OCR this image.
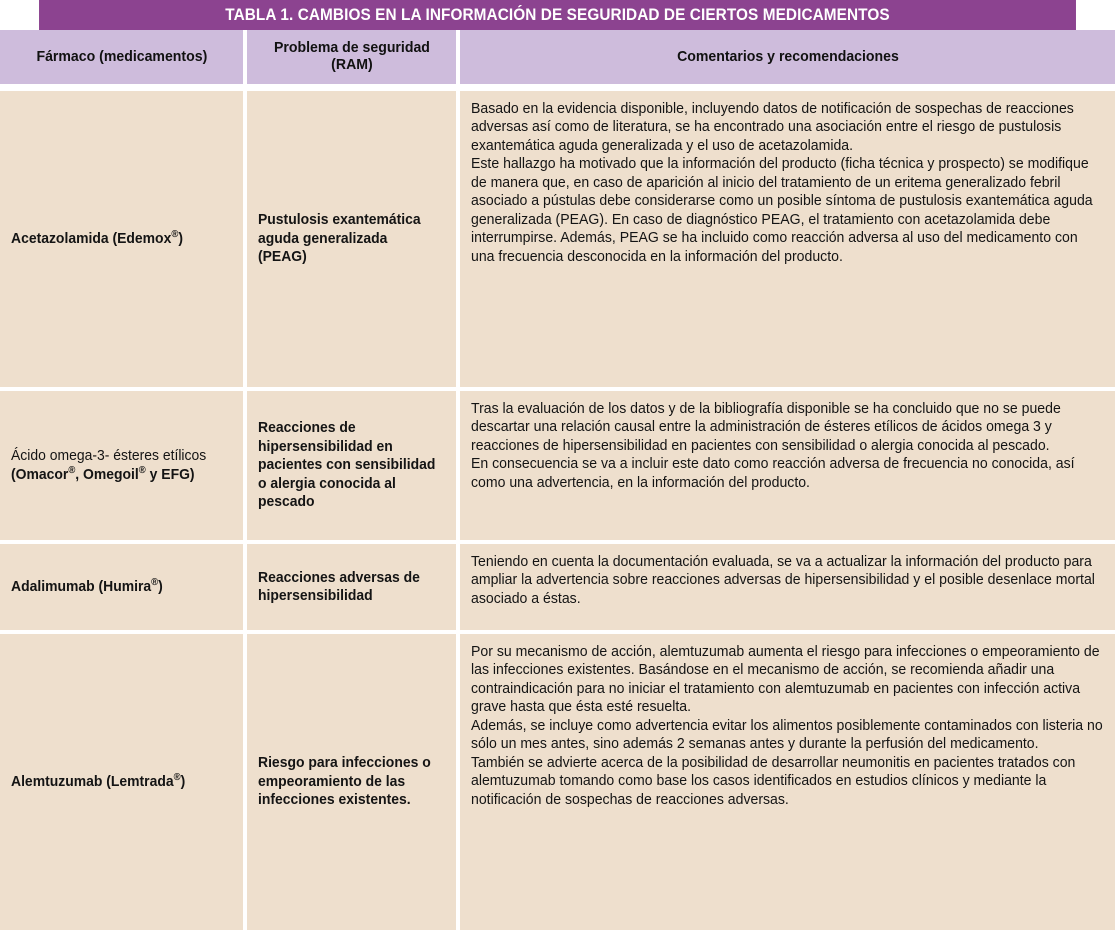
TABLA 1. CAMBIOS EN LA INFORMACIÓN DE SEGURIDAD DE CIERTOS MEDICAMENTOS
Fármaco (medicamentos)	Problema de seguridad
(RAM)	Comentarios y recomendaciones
Acetazolamida (Edemox®)
Pustulosis exantemática aguda generalizada (PEAG)

Basado en la evidencia disponible, incluyendo datos de notificación de sospechas de reacciones adversas así como de literatura, se ha encontrado una asociación entre el riesgo de pustulosis exantemática aguda generalizada y el uso de acetazolamida.

Este hallazgo ha motivado que la información del producto (ficha técnica y prospecto) se modifique de manera que, en caso de aparición al inicio del tratamiento de un eritema generalizado febril asociado a pústulas debe considerarse como un posible síntoma de pustulosis exantemática aguda generalizada (PEAG). En caso de diagnóstico PEAG, el tratamiento con acetazolamida debe interrumpirse. Además, PEAG se ha incluido como reacción adversa al uso del medicamento con una frecuencia desconocida en la información del producto.

Ácido omega-3- ésteres etílicos (Omacor®, Omegoil® y EFG)
Reacciones de hipersensibilidad en pacientes con sensibilidad o alergia conocida al pescado

Tras la evaluación de los datos y de la bibliografía disponible se ha concluido que no se puede descartar una relación causal entre la administración de ésteres etílicos de ácidos omega 3 y reacciones de hipersensibilidad en pacientes con sensibilidad o alergia conocida al pescado.

En consecuencia se va a incluir este dato como reacción adversa de frecuencia no conocida, así como una advertencia, en la información del producto.

Adalimumab (Humira®)
Reacciones adversas de hipersensibilidad

Teniendo en cuenta la documentación evaluada, se va a actualizar la información del producto para ampliar la advertencia sobre reacciones adversas de hipersensibilidad y el posible desenlace mortal asociado a éstas.

Alemtuzumab (Lemtrada®)
Riesgo para infecciones o empeoramiento de las infecciones existentes.

Por su mecanismo de acción, alemtuzumab aumenta el riesgo para infecciones o empeoramiento de las infecciones existentes. Basándose en el mecanismo de acción, se recomienda añadir una contraindicación para no iniciar el tratamiento con alemtuzumab en pacientes con infección activa grave hasta que ésta esté resuelta.

Además, se incluye como advertencia evitar los alimentos posiblemente contaminados con listeria no sólo un mes antes, sino además 2 semanas antes y durante la perfusión del medicamento.

También se advierte acerca de la posibilidad de desarrollar neumonitis en pacientes tratados con alemtuzumab tomando como base los casos identificados en estudios clínicos y mediante la notificación de sospechas de reacciones adversas.
